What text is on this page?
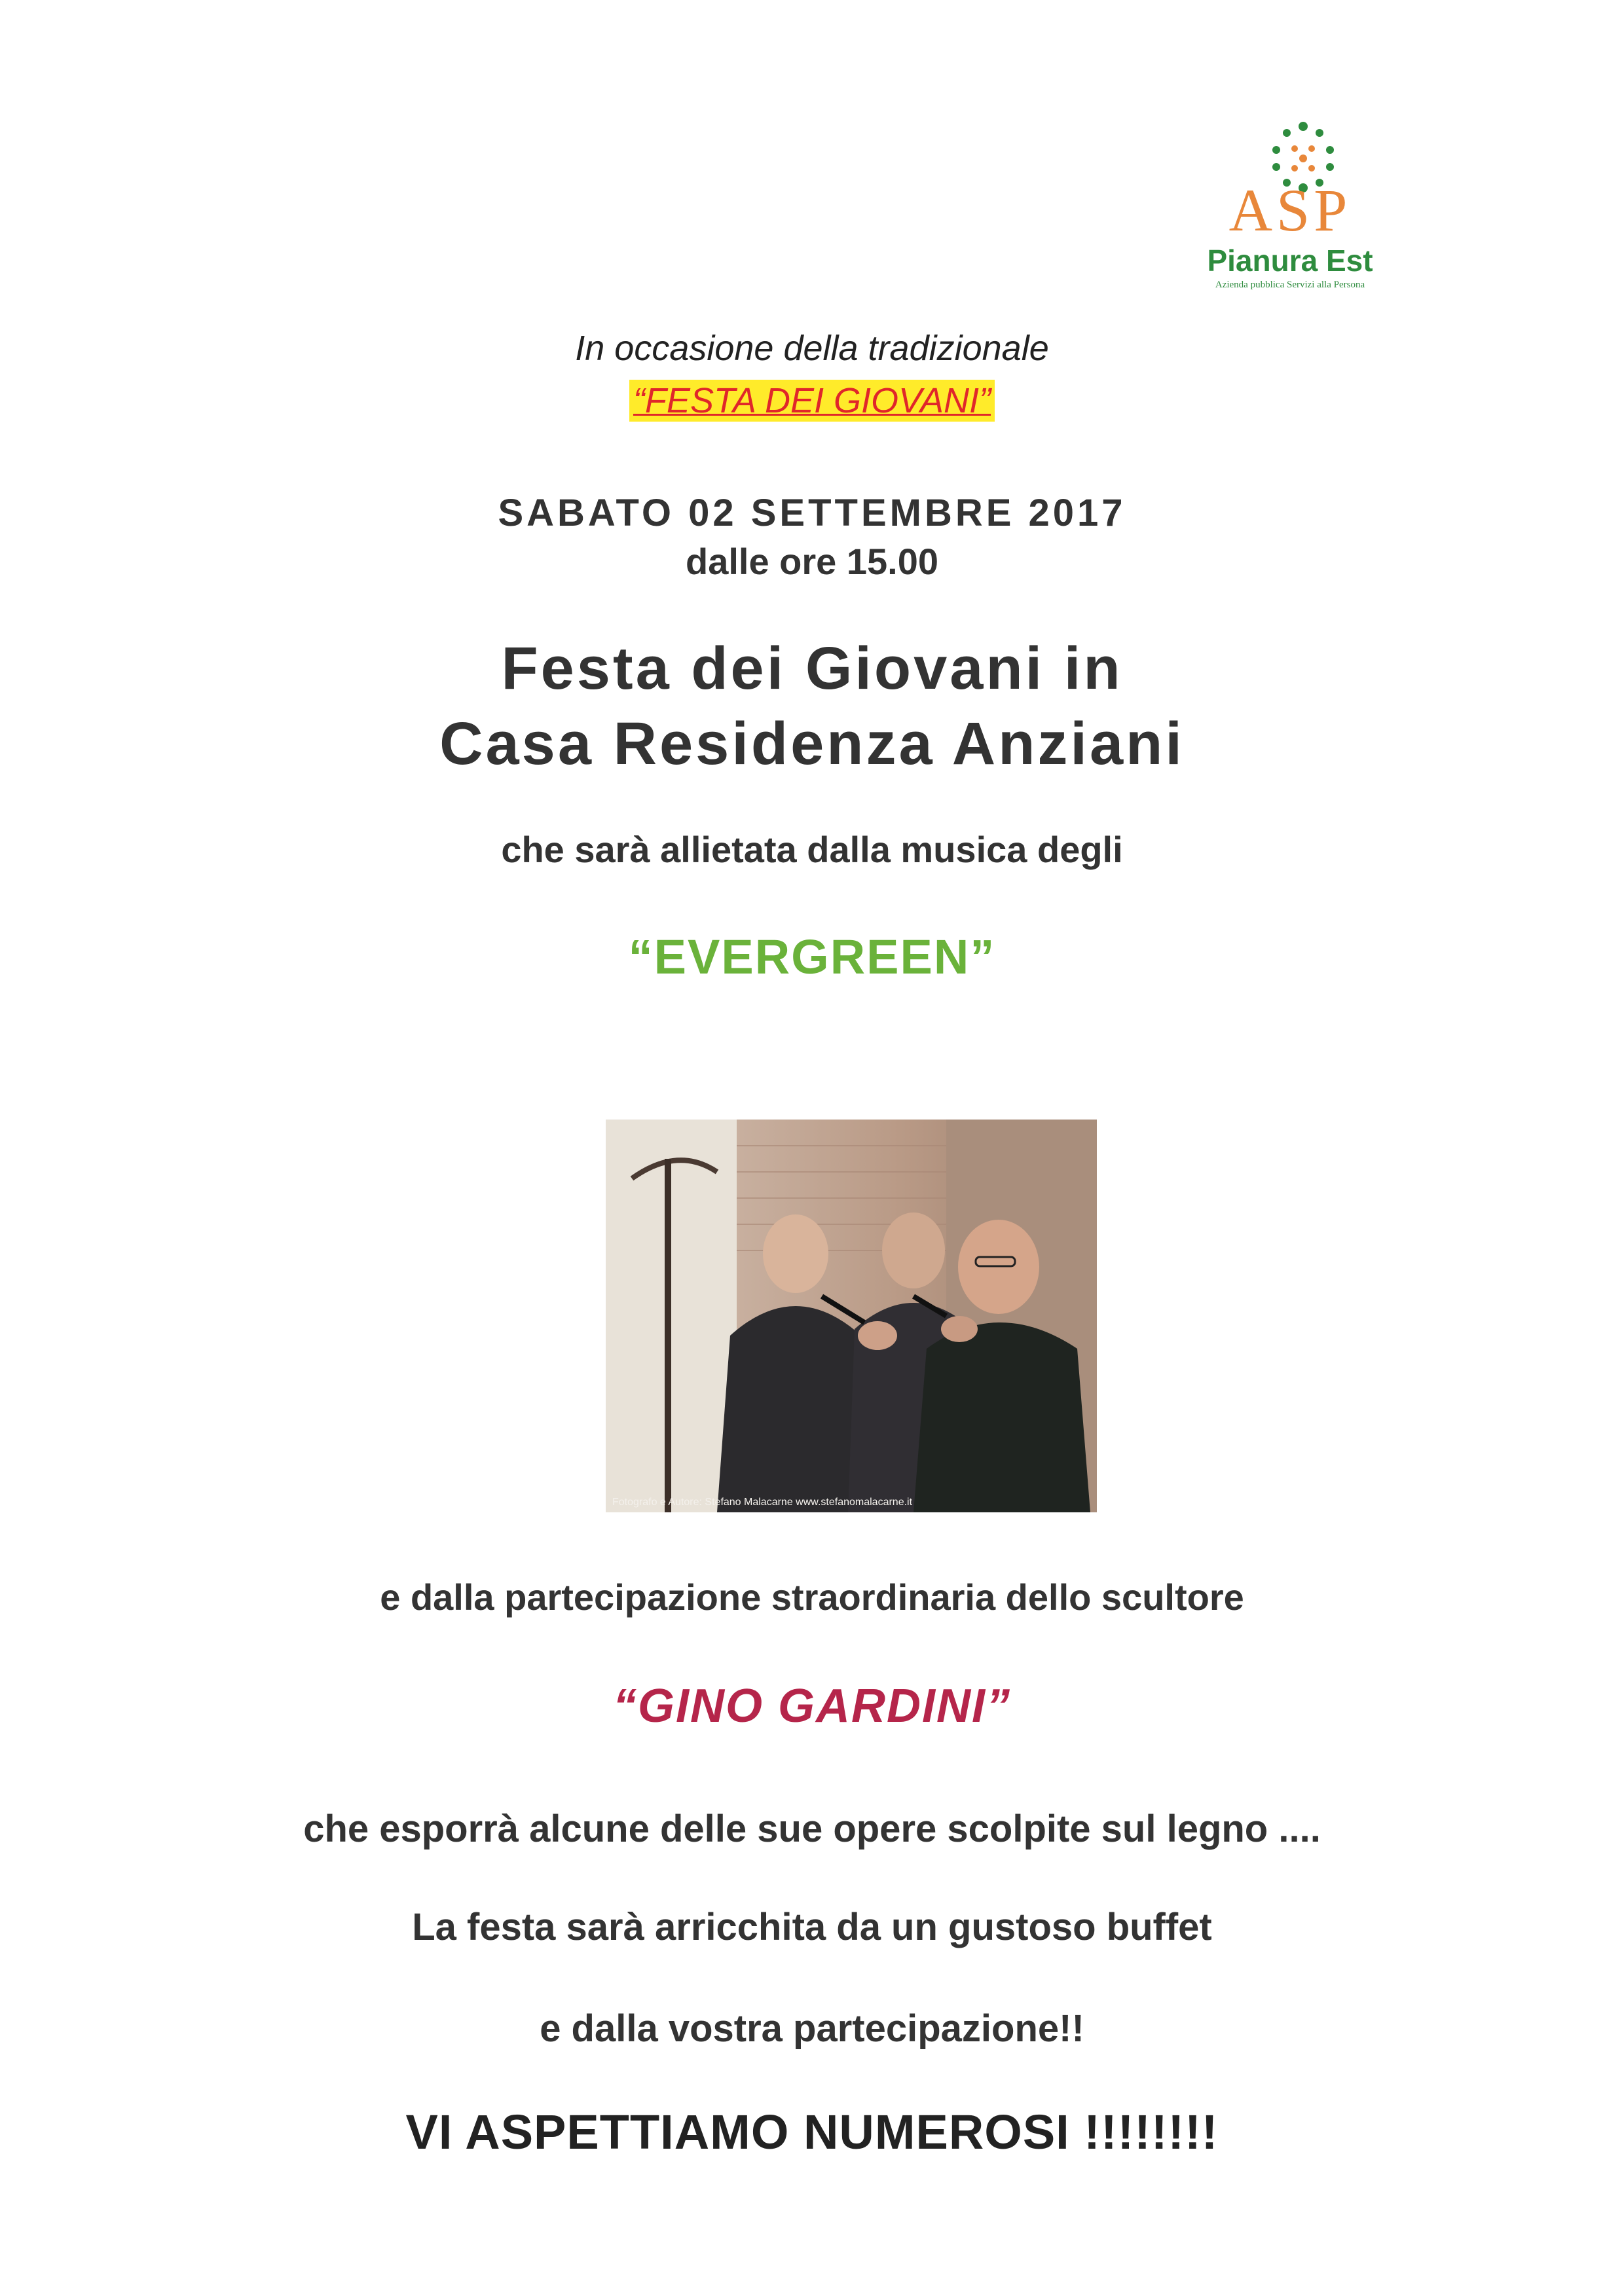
ASP
Pianura Est
Azienda pubblica Servizi alla Persona
In occasione della tradizionale
“FESTA DEI GIOVANI”
SABATO 02 SETTEMBRE 2017
dalle ore 15.00
Festa dei Giovani in
Casa Residenza Anziani
che sarà allietata dalla musica degli
“EVERGREEN”
Fotografo e Autore: Stefano Malacarne www.stefanomalacarne.it
e dalla partecipazione straordinaria dello scultore
“GINO GARDINI”
che esporrà alcune delle sue opere scolpite sul legno ....
La festa sarà arricchita da un gustoso buffet
e dalla vostra partecipazione!!
VI ASPETTIAMO NUMEROSI !!!!!!!!
